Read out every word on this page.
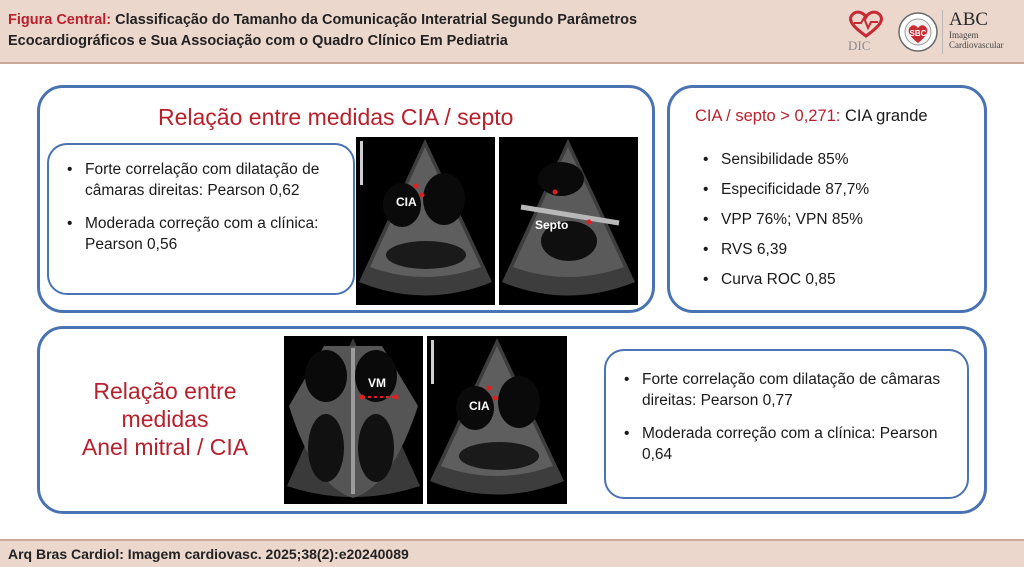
Figura Central: Classificação do Tamanho da Comunicação Interatrial Segundo Parâmetros
Ecocardiográficos e Sua Associação com o Quadro Clínico Em Pediatria	DIC
SBC
ABC
Imagem
Cardiovascular
Relação entre medidas CIA / septo
• Forte correlação com dilatação de câmaras direitas: Pearson 0,62
• Moderada correção com a clínica: Pearson 0,56
CIA
Septo
CIA / septo > 0,271: CIA grande
• Sensibilidade 85%
• Especificidade 87,7%
• VPP 76%; VPN 85%
• RVS 6,39
• Curva ROC 0,85
Relação entre
medidas
Anel mitral / CIA
VM
CIA
• Forte correlação com dilatação de câmaras direitas: Pearson 0,77
• Moderada correção com a clínica: Pearson 0,64
Arq Bras Cardiol: Imagem cardiovasc. 2025;38(2):e20240089
